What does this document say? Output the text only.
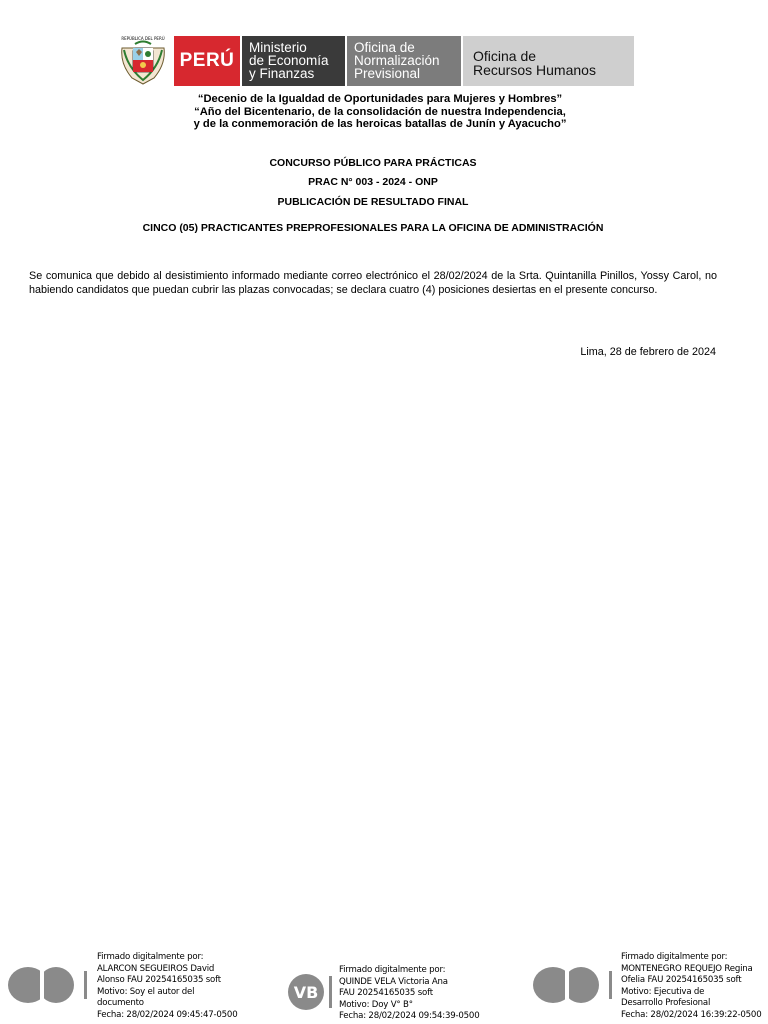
REPÚBLICA DEL PERÚ
PERÚ
Ministerio
de Economía
y Finanzas
Oficina de
Normalización
Previsional
Oficina de
Recursos Humanos
“Decenio de la Igualdad de Oportunidades para Mujeres y Hombres”
“Año del Bicentenario, de la consolidación de nuestra Independencia,
y de la conmemoración de las heroicas batallas de Junín y Ayacucho”
CONCURSO PÚBLICO PARA PRÁCTICAS
PRAC N° 003 - 2024 - ONP
PUBLICACIÓN DE RESULTADO FINAL
CINCO (05) PRACTICANTES PREPROFESIONALES PARA LA OFICINA DE ADMINISTRACIÓN
Se comunica que debido al desistimiento informado mediante correo electrónico el 28/02/2024 de la Srta. Quintanilla Pinillos, Yossy Carol, no habiendo candidatos que puedan cubrir las plazas convocadas; se declara cuatro (4) posiciones desiertas en el presente concurso.
Lima, 28 de febrero de 2024
Firmado digitalmente por:
ALARCON SEGUEIROS David
Alonso FAU 20254165035 soft
Motivo: Soy el autor del
documento
Fecha: 28/02/2024 09:45:47-0500
VB
Firmado digitalmente por:
QUINDE VELA Victoria Ana
FAU 20254165035 soft
Motivo: Doy V° B°
Fecha: 28/02/2024 09:54:39-0500
Firmado digitalmente por:
MONTENEGRO REQUEJO Regina
Ofelia FAU 20254165035 soft
Motivo: Ejecutiva de
Desarrollo Profesional
Fecha: 28/02/2024 16:39:22-0500
